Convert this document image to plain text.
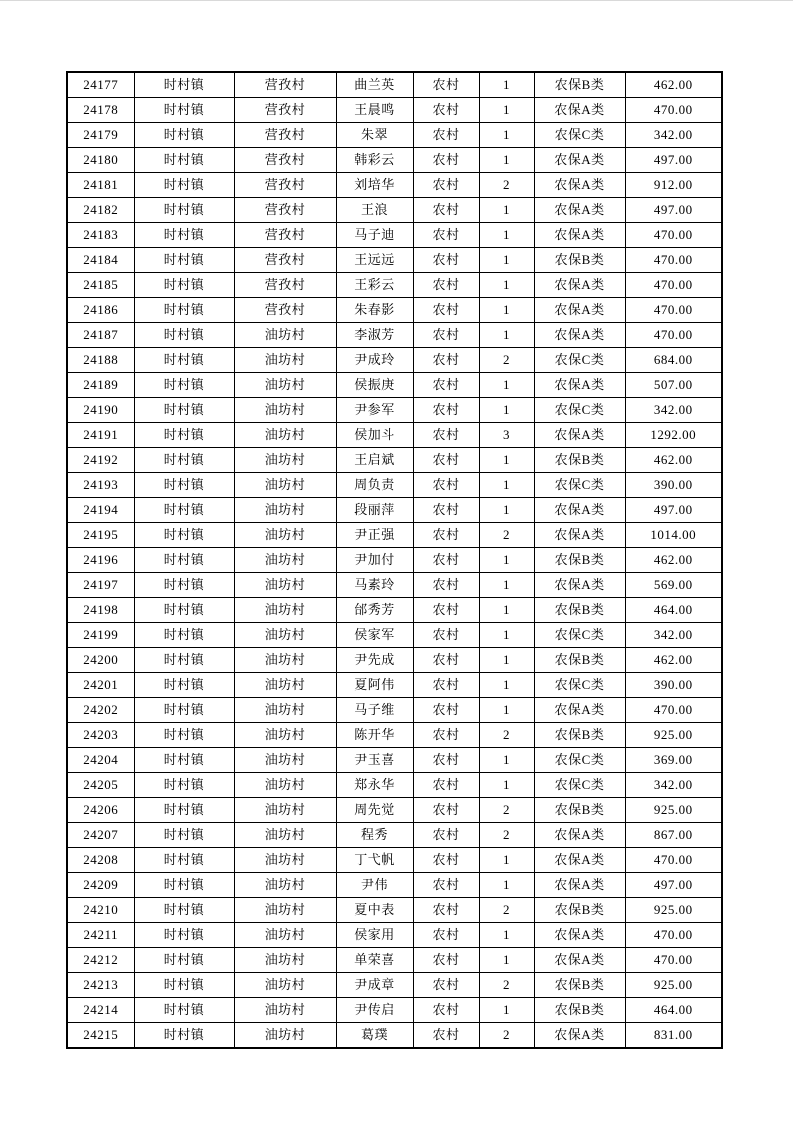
24177	时村镇	营孜村	曲兰英	农村	1	农保B类	462.00
24178	时村镇	营孜村	王晨鸣	农村	1	农保A类	470.00
24179	时村镇	营孜村	朱翠	农村	1	农保C类	342.00
24180	时村镇	营孜村	韩彩云	农村	1	农保A类	497.00
24181	时村镇	营孜村	刘培华	农村	2	农保A类	912.00
24182	时村镇	营孜村	王浪	农村	1	农保A类	497.00
24183	时村镇	营孜村	马子迪	农村	1	农保A类	470.00
24184	时村镇	营孜村	王远远	农村	1	农保B类	470.00
24185	时村镇	营孜村	王彩云	农村	1	农保A类	470.00
24186	时村镇	营孜村	朱春影	农村	1	农保A类	470.00
24187	时村镇	油坊村	李淑芳	农村	1	农保A类	470.00
24188	时村镇	油坊村	尹成玲	农村	2	农保C类	684.00
24189	时村镇	油坊村	侯振庚	农村	1	农保A类	507.00
24190	时村镇	油坊村	尹参军	农村	1	农保C类	342.00
24191	时村镇	油坊村	侯加斗	农村	3	农保A类	1292.00
24192	时村镇	油坊村	王启斌	农村	1	农保B类	462.00
24193	时村镇	油坊村	周负责	农村	1	农保C类	390.00
24194	时村镇	油坊村	段丽萍	农村	1	农保A类	497.00
24195	时村镇	油坊村	尹正强	农村	2	农保A类	1014.00
24196	时村镇	油坊村	尹加付	农村	1	农保B类	462.00
24197	时村镇	油坊村	马素玲	农村	1	农保A类	569.00
24198	时村镇	油坊村	邰秀芳	农村	1	农保B类	464.00
24199	时村镇	油坊村	侯家军	农村	1	农保C类	342.00
24200	时村镇	油坊村	尹先成	农村	1	农保B类	462.00
24201	时村镇	油坊村	夏阿伟	农村	1	农保C类	390.00
24202	时村镇	油坊村	马子维	农村	1	农保A类	470.00
24203	时村镇	油坊村	陈开华	农村	2	农保B类	925.00
24204	时村镇	油坊村	尹玉喜	农村	1	农保C类	369.00
24205	时村镇	油坊村	郑永华	农村	1	农保C类	342.00
24206	时村镇	油坊村	周先觉	农村	2	农保B类	925.00
24207	时村镇	油坊村	程秀	农村	2	农保A类	867.00
24208	时村镇	油坊村	丁弋帆	农村	1	农保A类	470.00
24209	时村镇	油坊村	尹伟	农村	1	农保A类	497.00
24210	时村镇	油坊村	夏中表	农村	2	农保B类	925.00
24211	时村镇	油坊村	侯家用	农村	1	农保A类	470.00
24212	时村镇	油坊村	单荣喜	农村	1	农保A类	470.00
24213	时村镇	油坊村	尹成章	农村	2	农保B类	925.00
24214	时村镇	油坊村	尹传启	农村	1	农保B类	464.00
24215	时村镇	油坊村	葛璞	农村	2	农保A类	831.00
